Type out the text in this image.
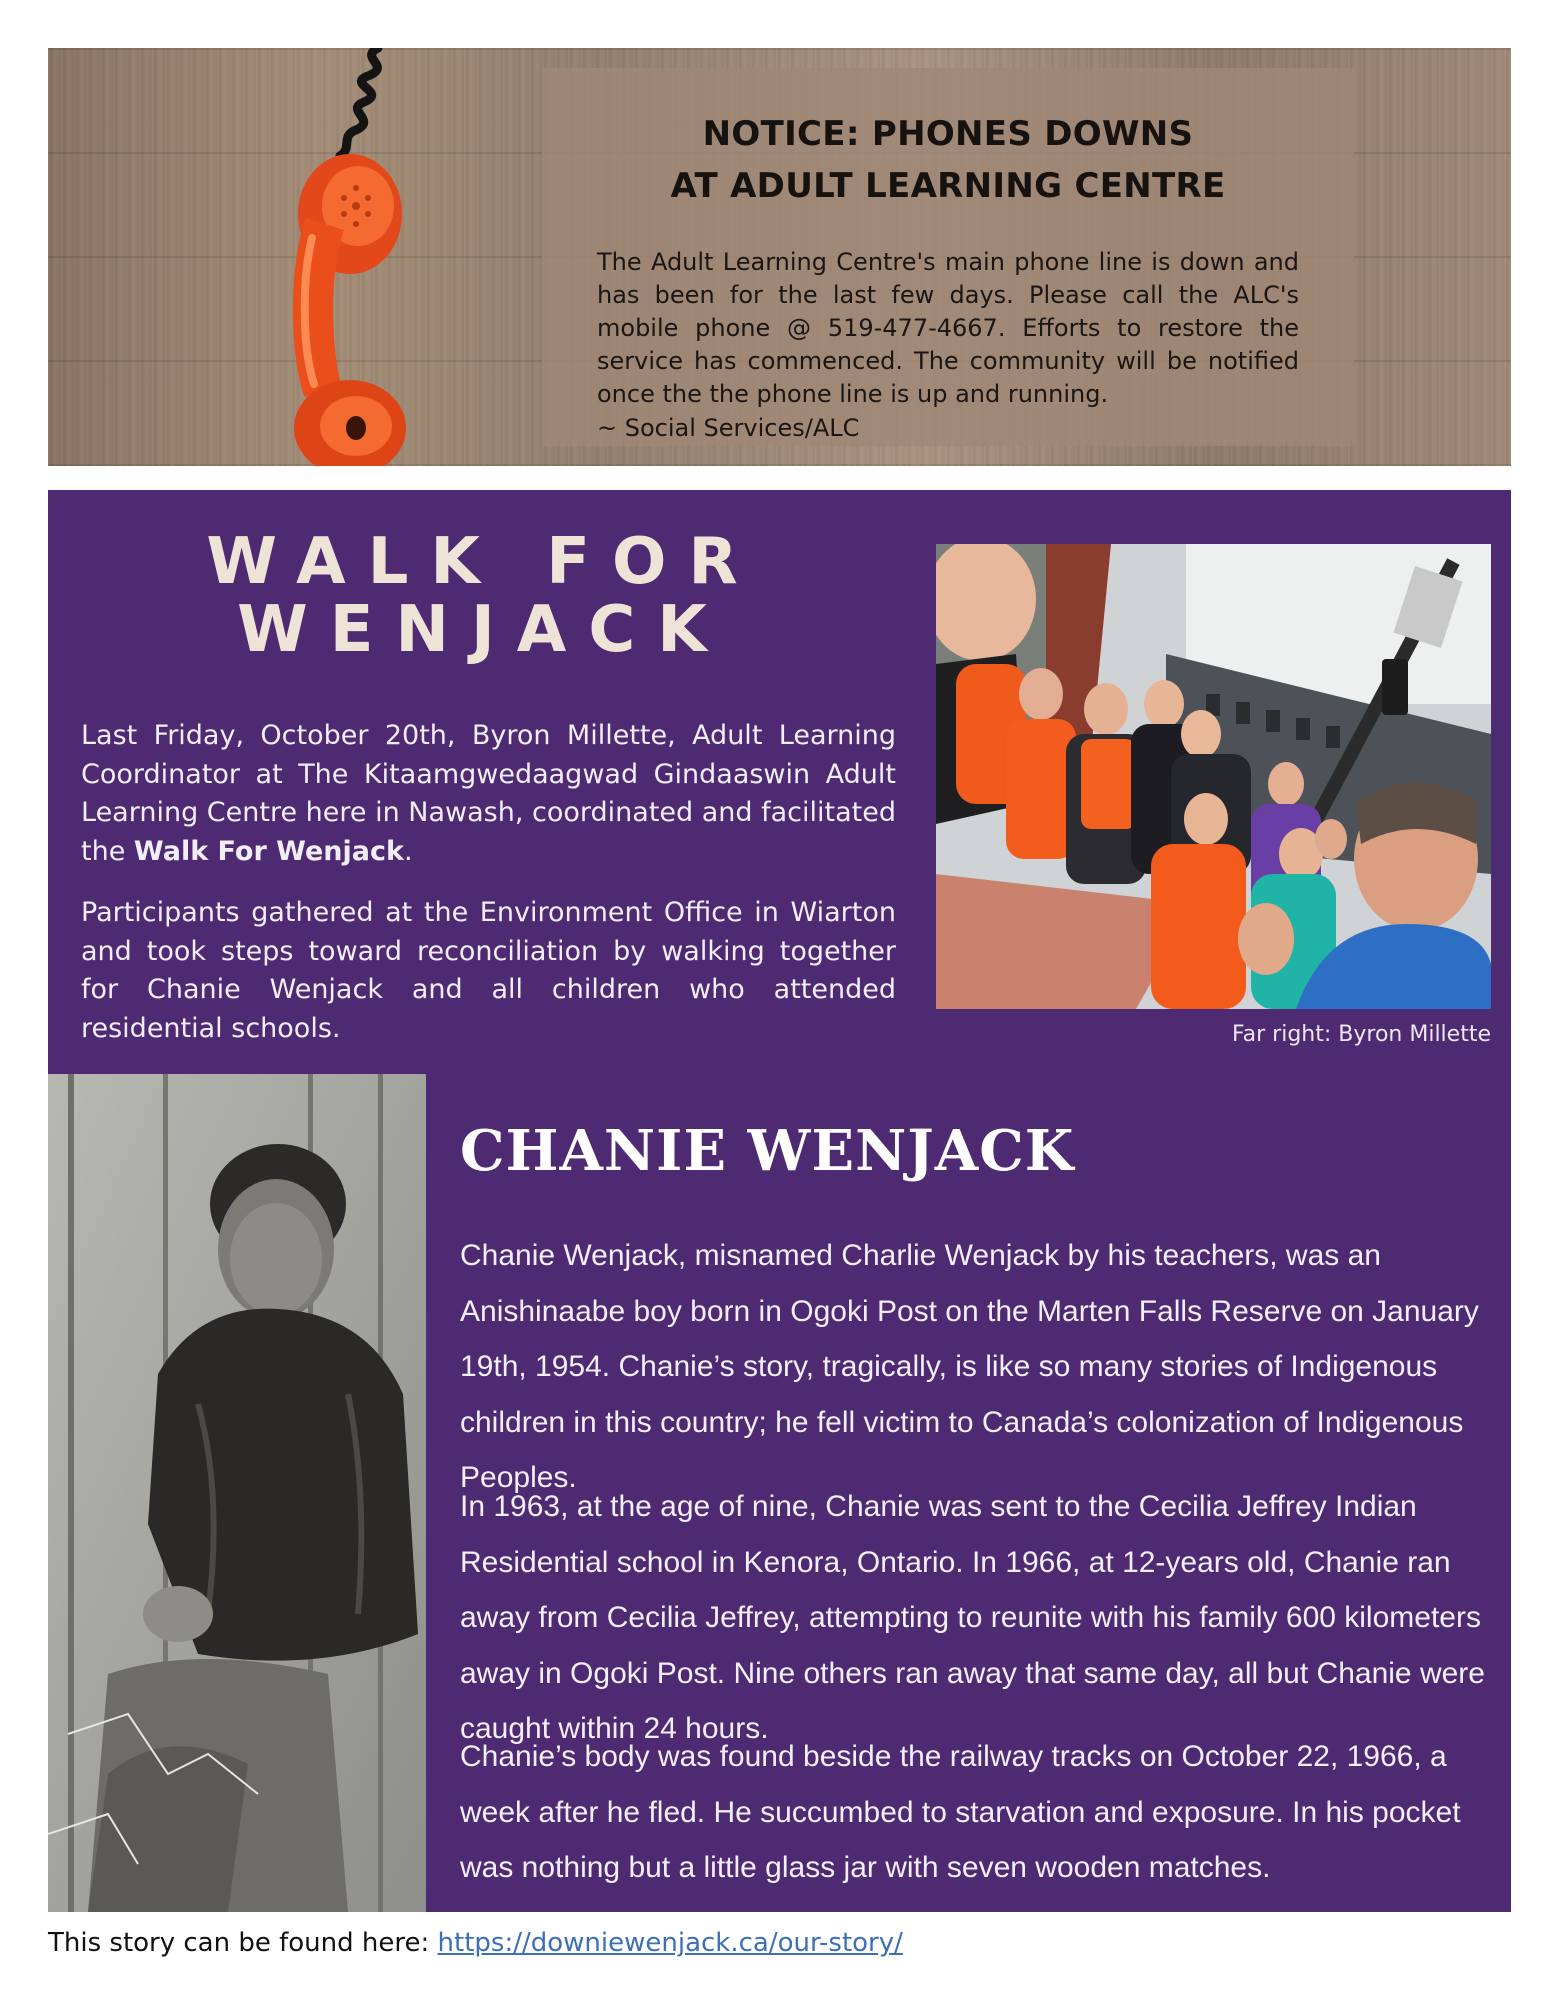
NOTICE: PHONES DOWNS
AT ADULT LEARNING CENTRE

The Adult Learning Centre's main phone line is down and has been for the last few days. Please call the ALC's mobile phone @ 519-477-4667. Efforts to restore the service has commenced. The community will be notified once the the phone line is up and running.

~ Social Services/ALC

WALK FOR
WENJACK

Last Friday, October 20th, Byron Millette, Adult Learning Coordinator at The Kitaamgwedaagwad Gindaaswin Adult Learning Centre here in Nawash, coordinated and facilitated the Walk For Wenjack.

Participants gathered at the Environment Office in Wiarton and took steps toward reconciliation by walking together for Chanie Wenjack and all children who attended residential schools.	Far right: Byron Millette

CHANIE WENJACK

Chanie Wenjack, misnamed Charlie Wenjack by his teachers, was an Anishinaabe boy born in Ogoki Post on the Marten Falls Reserve on January 19th, 1954. Chanie’s story, tragically, is like so many stories of Indigenous children in this country; he fell victim to Canada’s colonization of Indigenous Peoples.

In 1963, at the age of nine, Chanie was sent to the Cecilia Jeffrey Indian Residential school in Kenora, Ontario. In 1966, at 12-years old, Chanie ran away from Cecilia Jeffrey, attempting to reunite with his family 600 kilometers away in Ogoki Post. Nine others ran away that same day, all but Chanie were caught within 24 hours.

Chanie’s body was found beside the railway tracks on October 22, 1966, a week after he fled. He succumbed to starvation and exposure. In his pocket was nothing but a little glass jar with seven wooden matches.

This story can be found here: https://downiewenjack.ca/our-story/
